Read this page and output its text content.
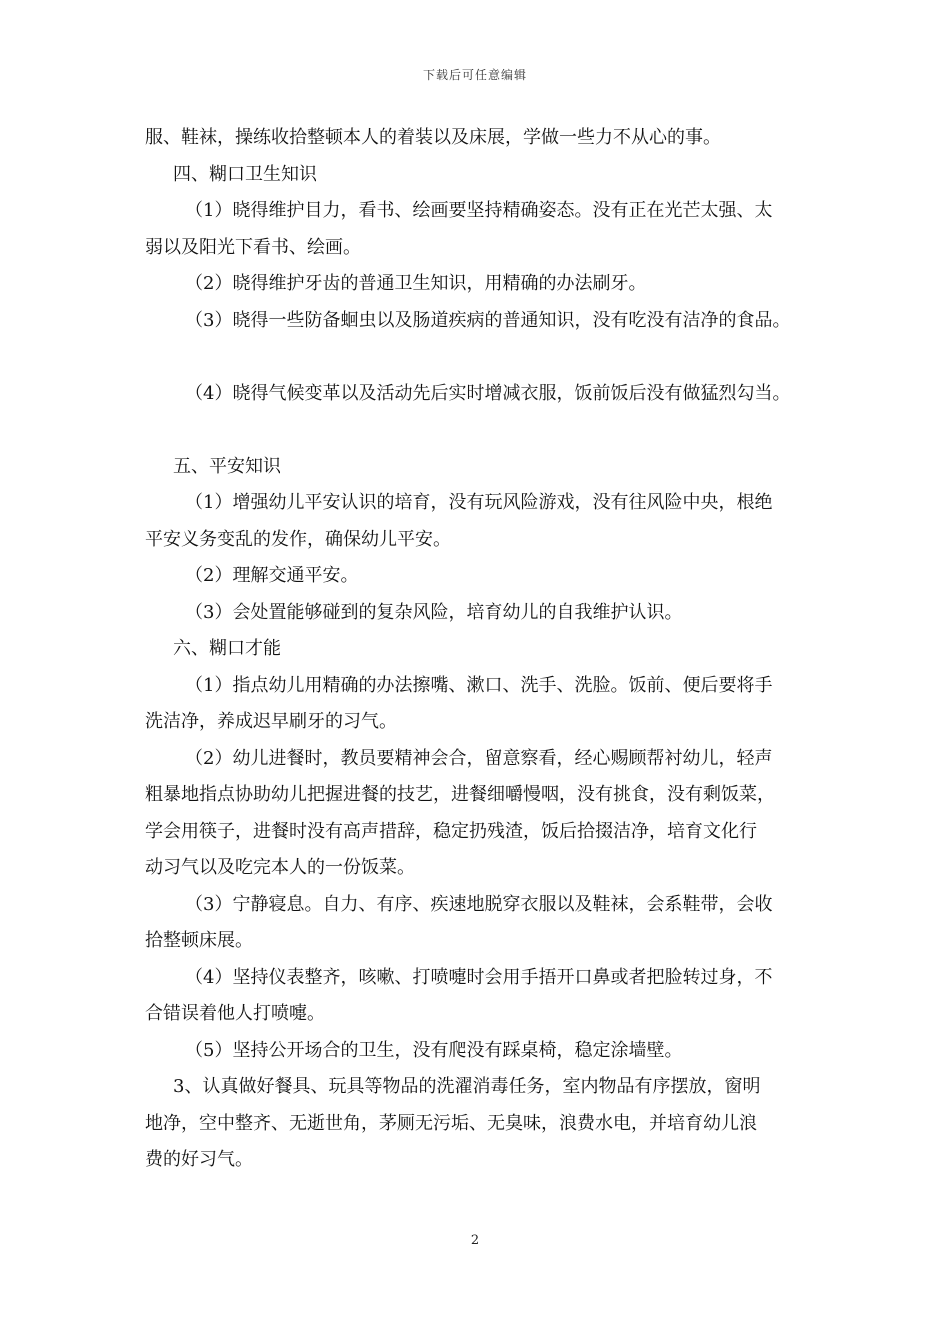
下载后可任意编辑
服、鞋袜，操练收拾整顿本人的着装以及床展，学做一些力不从心的事。
四、糊口卫生知识
（1）晓得维护目力，看书、绘画要坚持精确姿态。没有正在光芒太强、太
弱以及阳光下看书、绘画。
（2）晓得维护牙齿的普通卫生知识，用精确的办法刷牙。
（3）晓得一些防备蛔虫以及肠道疾病的普通知识，没有吃没有洁净的食品。
（4）晓得气候变革以及活动先后实时增减衣服，饭前饭后没有做猛烈勾当。
五、平安知识
（1）增强幼儿平安认识的培育，没有玩风险游戏，没有往风险中央，根绝
平安义务变乱的发作，确保幼儿平安。
（2）理解交通平安。
（3）会处置能够碰到的复杂风险，培育幼儿的自我维护认识。
六、糊口才能
（1）指点幼儿用精确的办法擦嘴、漱口、洗手、洗脸。饭前、便后要将手
洗洁净，养成迟早刷牙的习气。
（2）幼儿进餐时，教员要精神会合，留意察看，经心赐顾帮衬幼儿，轻声
粗暴地指点协助幼儿把握进餐的技艺，进餐细嚼慢咽，没有挑食，没有剩饭菜，
学会用筷子，进餐时没有高声措辞，稳定扔残渣，饭后拾掇洁净，培育文化行
动习气以及吃完本人的一份饭菜。
（3）宁静寝息。自力、有序、疾速地脱穿衣服以及鞋袜，会系鞋带，会收
拾整顿床展。
（4）坚持仪表整齐，咳嗽、打喷嚏时会用手捂开口鼻或者把脸转过身，不
合错误着他人打喷嚏。
（5）坚持公开场合的卫生，没有爬没有踩桌椅，稳定涂墙壁。
3、认真做好餐具、玩具等物品的洗濯消毒任务，室内物品有序摆放，窗明
地净，空中整齐、无逝世角，茅厕无污垢、无臭味，浪费水电，并培育幼儿浪
费的好习气。
2
